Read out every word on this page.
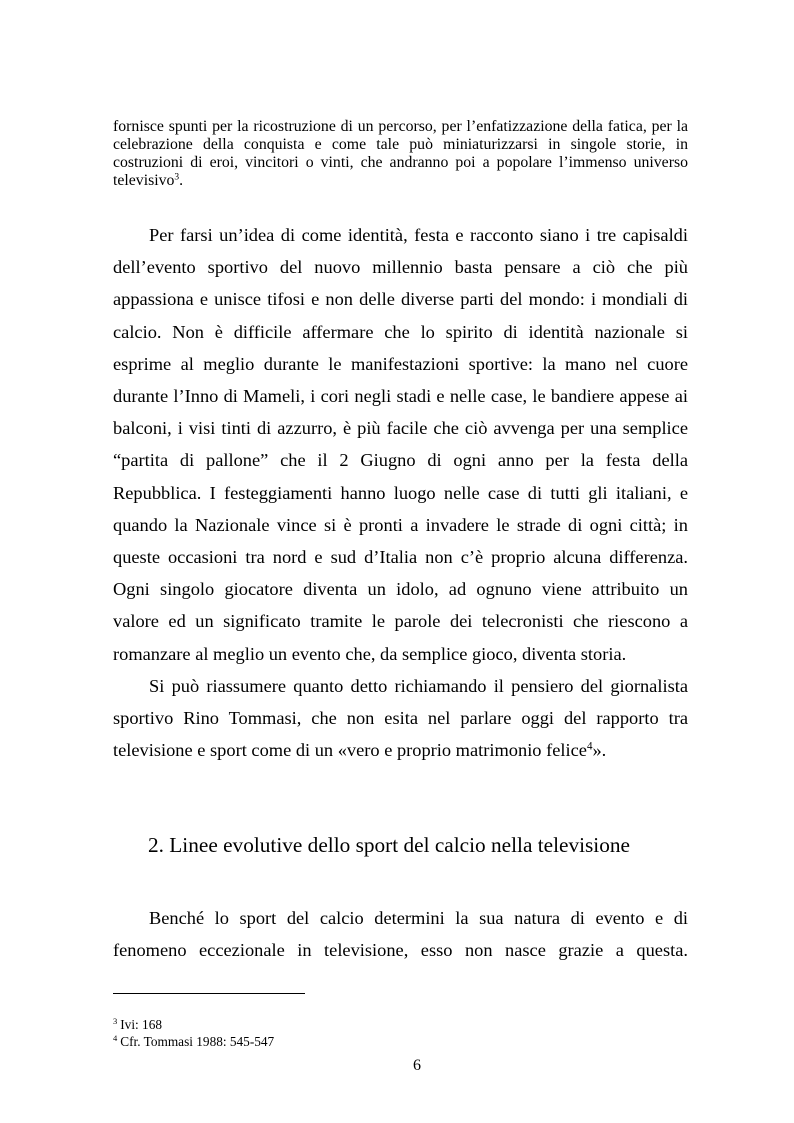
fornisce spunti per la ricostruzione di un percorso, per l’enfatizzazione della fatica, per la
celebrazione della conquista e come tale può miniaturizzarsi in singole storie, in
costruzioni di eroi, vincitori o vinti, che andranno poi a popolare l’immenso universo
televisivo$^3$.
Per farsi un’idea di come identità, festa e racconto siano i tre capisaldi
dell’evento sportivo del nuovo millennio basta pensare a ciò che più
appassiona e unisce tifosi e non delle diverse parti del mondo: i mondiali di
calcio. Non è difficile affermare che lo spirito di identità nazionale si
esprime al meglio durante le manifestazioni sportive: la mano nel cuore
durante l’Inno di Mameli, i cori negli stadi e nelle case, le bandiere appese ai
balconi, i visi tinti di azzurro, è più facile che ciò avvenga per una semplice
“partita di pallone” che il 2 Giugno di ogni anno per la festa della
Repubblica. I festeggiamenti hanno luogo nelle case di tutti gli italiani, e
quando la Nazionale vince si è pronti a invadere le strade di ogni città; in
queste occasioni tra nord e sud d’Italia non c’è proprio alcuna differenza.
Ogni singolo giocatore diventa un idolo, ad ognuno viene attribuito un
valore ed un significato tramite le parole dei telecronisti che riescono a
romanzare al meglio un evento che, da semplice gioco, diventa storia.
Si può riassumere quanto detto richiamando il pensiero del giornalista
sportivo Rino Tommasi, che non esita nel parlare oggi del rapporto tra
televisione e sport come di un «vero e proprio matrimonio felice$^4$».
2. Linee evolutive dello sport del calcio nella televisione
Benché lo sport del calcio determini la sua natura di evento e di
fenomeno eccezionale in televisione, esso non nasce grazie a questa.
$^3$ Ivi: 168
$^4$ Cfr. Tommasi 1988: 545-547
6
